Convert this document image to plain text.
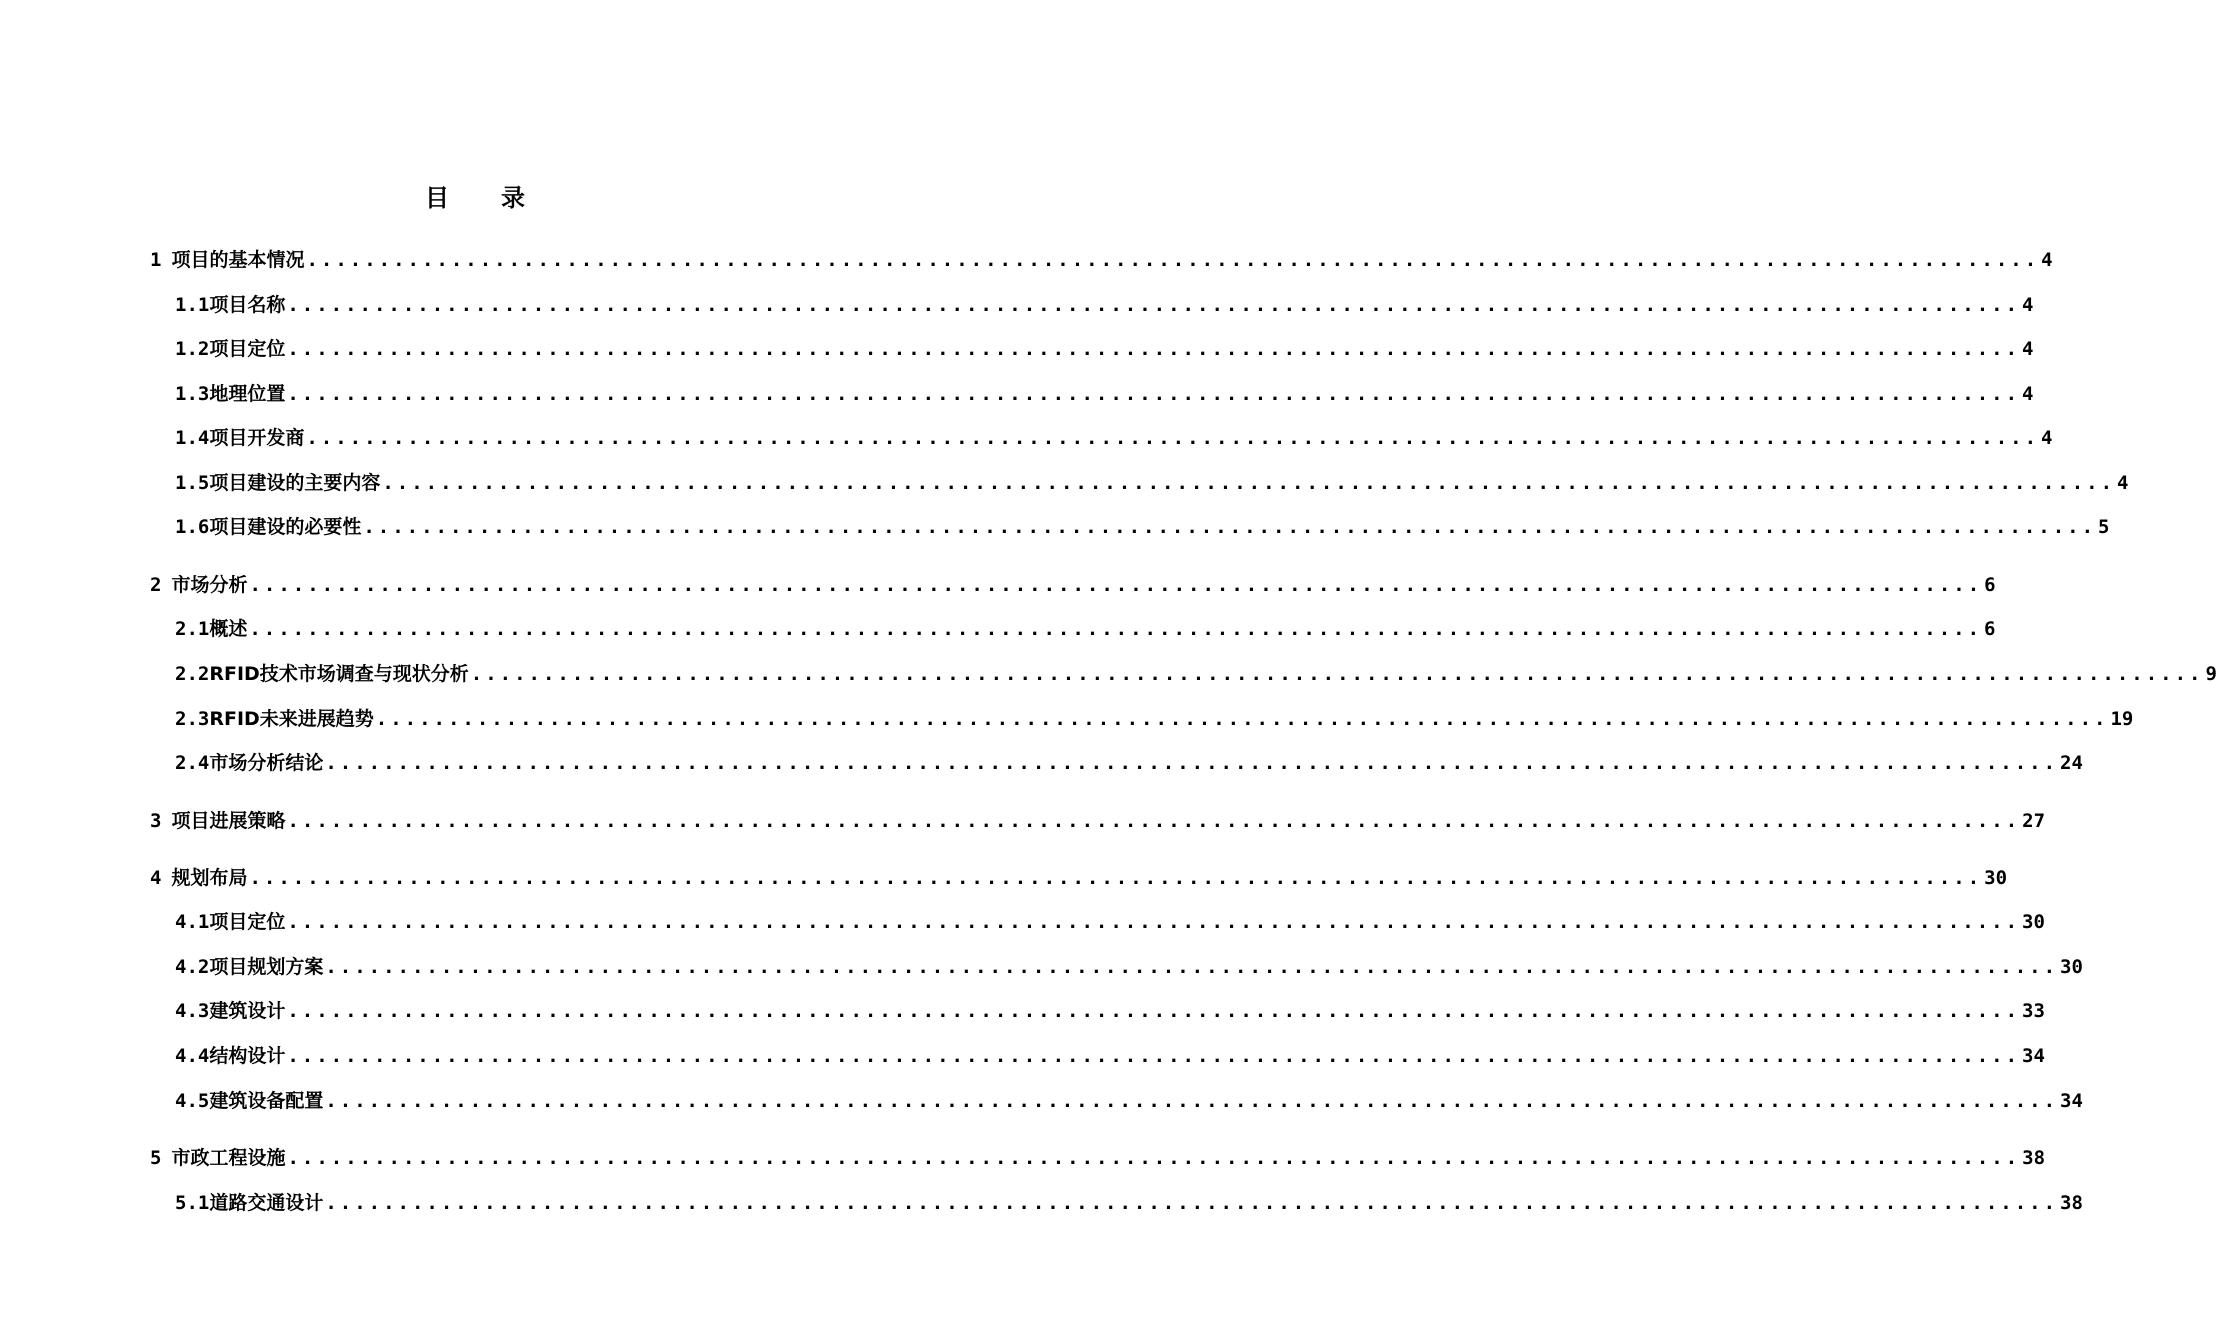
目 录
1 项目的基本情况 ........................................................................................................................ 4
1.1 项目名称 ........................................................................................................................ 4
1.2 项目定位 ........................................................................................................................ 4
1.3 地理位置 ........................................................................................................................ 4
1.4 项目开发商 ........................................................................................................................ 4
1.5 项目建设的主要内容 ........................................................................................................................ 4
1.6 项目建设的必要性 ........................................................................................................................ 5
2 市场分析 ........................................................................................................................ 6
2.1 概述 ........................................................................................................................ 6
2.2 RFID技术市场调查与现状分析 ........................................................................................................................ 9
2.3 RFID未来进展趋势 ........................................................................................................................ 19
2.4 市场分析结论 ........................................................................................................................ 24
3 项目进展策略 ........................................................................................................................ 27
4 规划布局 ........................................................................................................................ 30
4.1 项目定位 ........................................................................................................................ 30
4.2 项目规划方案 ........................................................................................................................ 30
4.3 建筑设计 ........................................................................................................................ 33
4.4 结构设计 ........................................................................................................................ 34
4.5 建筑设备配置 ........................................................................................................................ 34
5 市政工程设施 ........................................................................................................................ 38
5.1 道路交通设计 ........................................................................................................................ 38
